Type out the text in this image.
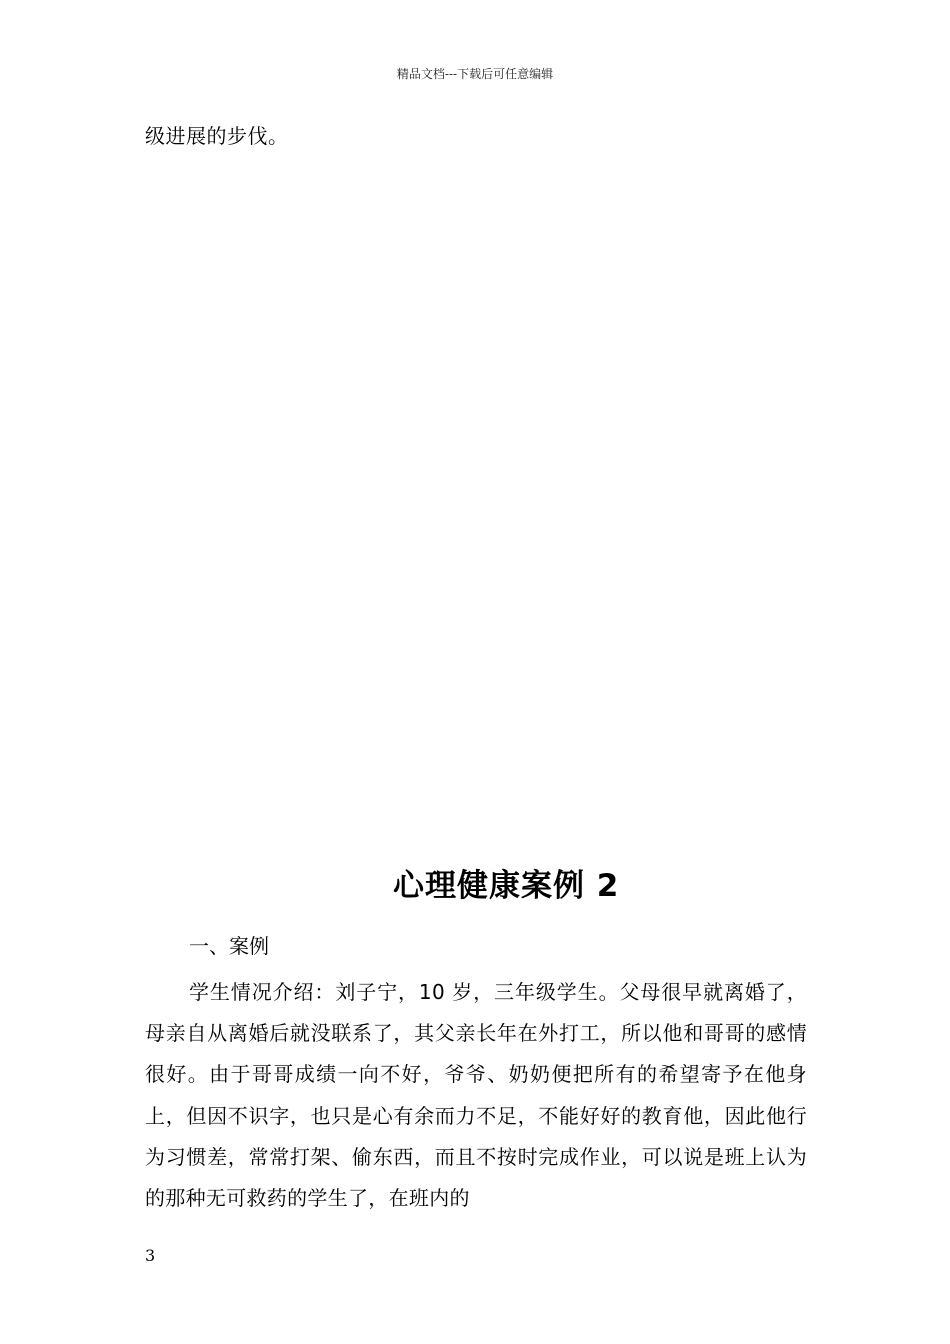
精品文档---下载后可任意编辑
级进展的步伐。
心理健康案例 2
一、案例
学生情况介绍：刘子宁，10 岁，三年级学生。父母很早就离婚了，母亲自从离婚后就没联系了，其父亲长年在外打工，所以他和哥哥的感情很好。由于哥哥成绩一向不好，爷爷、奶奶便把所有的希望寄予在他身上，但因不识字，也只是心有余而力不足，不能好好的教育他，因此他行为习惯差，常常打架、偷东西，而且不按时完成作业，可以说是班上认为的那种无可救药的学生了，在班内的
3
